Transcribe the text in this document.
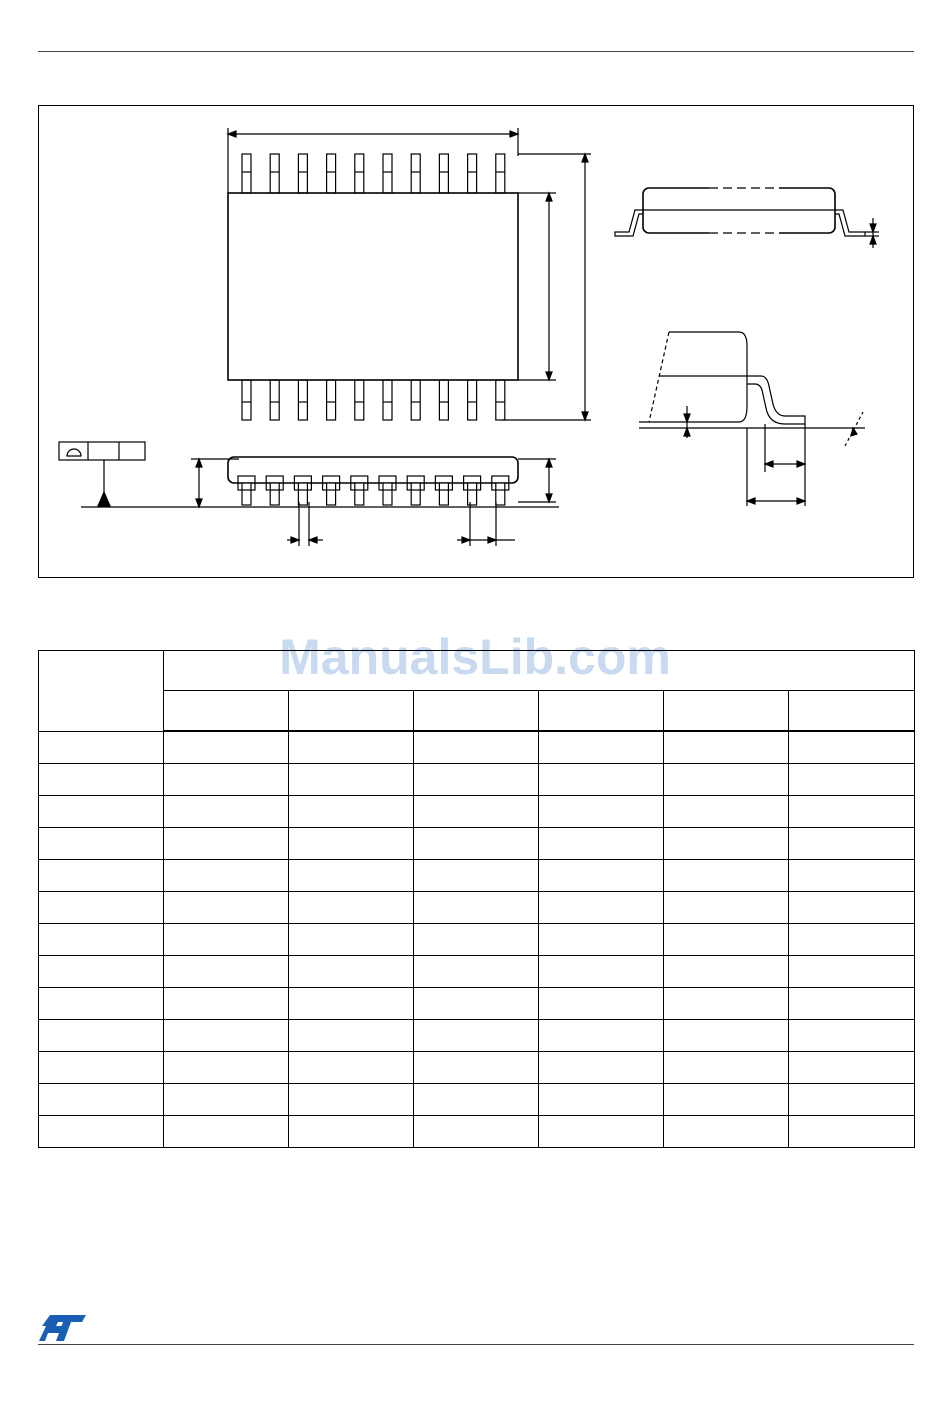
ManualsLib.com
